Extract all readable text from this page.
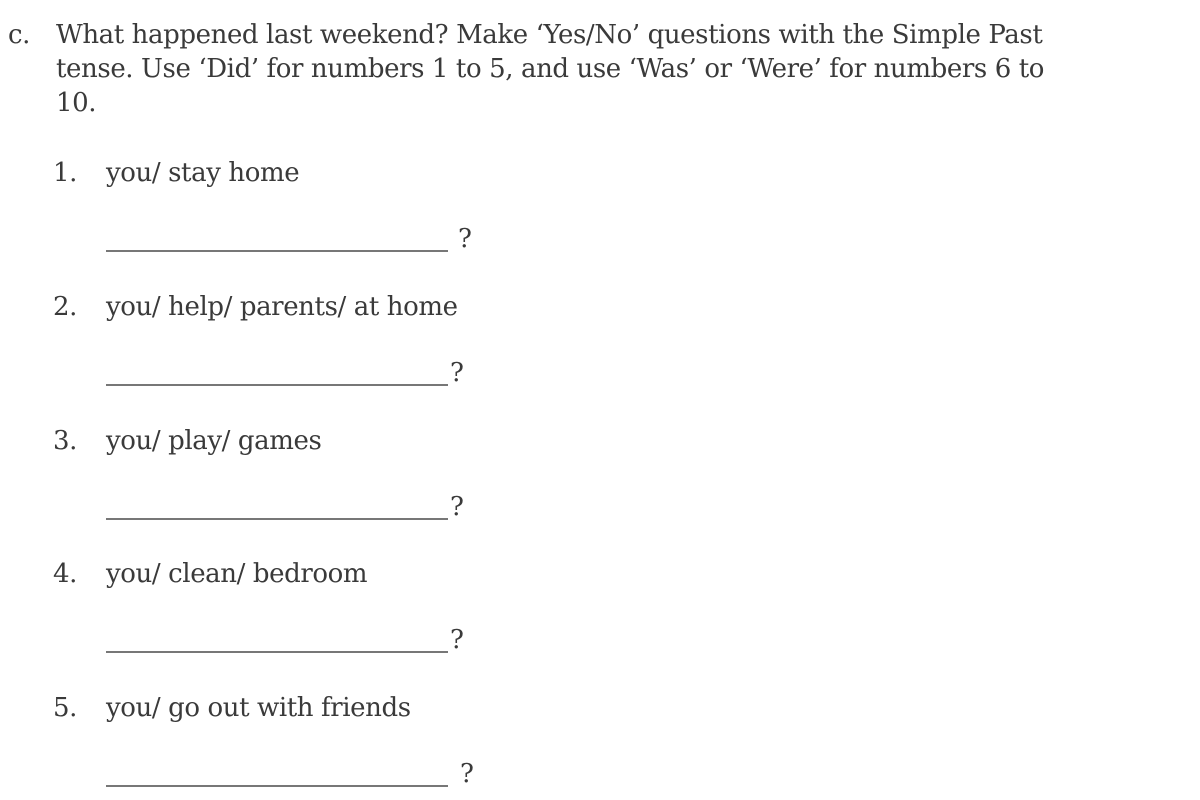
c. What happened last weekend? Make ‘Yes/No’ questions with the Simple Past tense. Use ‘Did’ for numbers 1 to 5, and use ‘Was’ or ‘Were’ for numbers 6 to 10.
1. you/ stay home
?
2. you/ help/ parents/ at home
?
3. you/ play/ games
?
4. you/ clean/ bedroom
?
5. you/ go out with friends
?
